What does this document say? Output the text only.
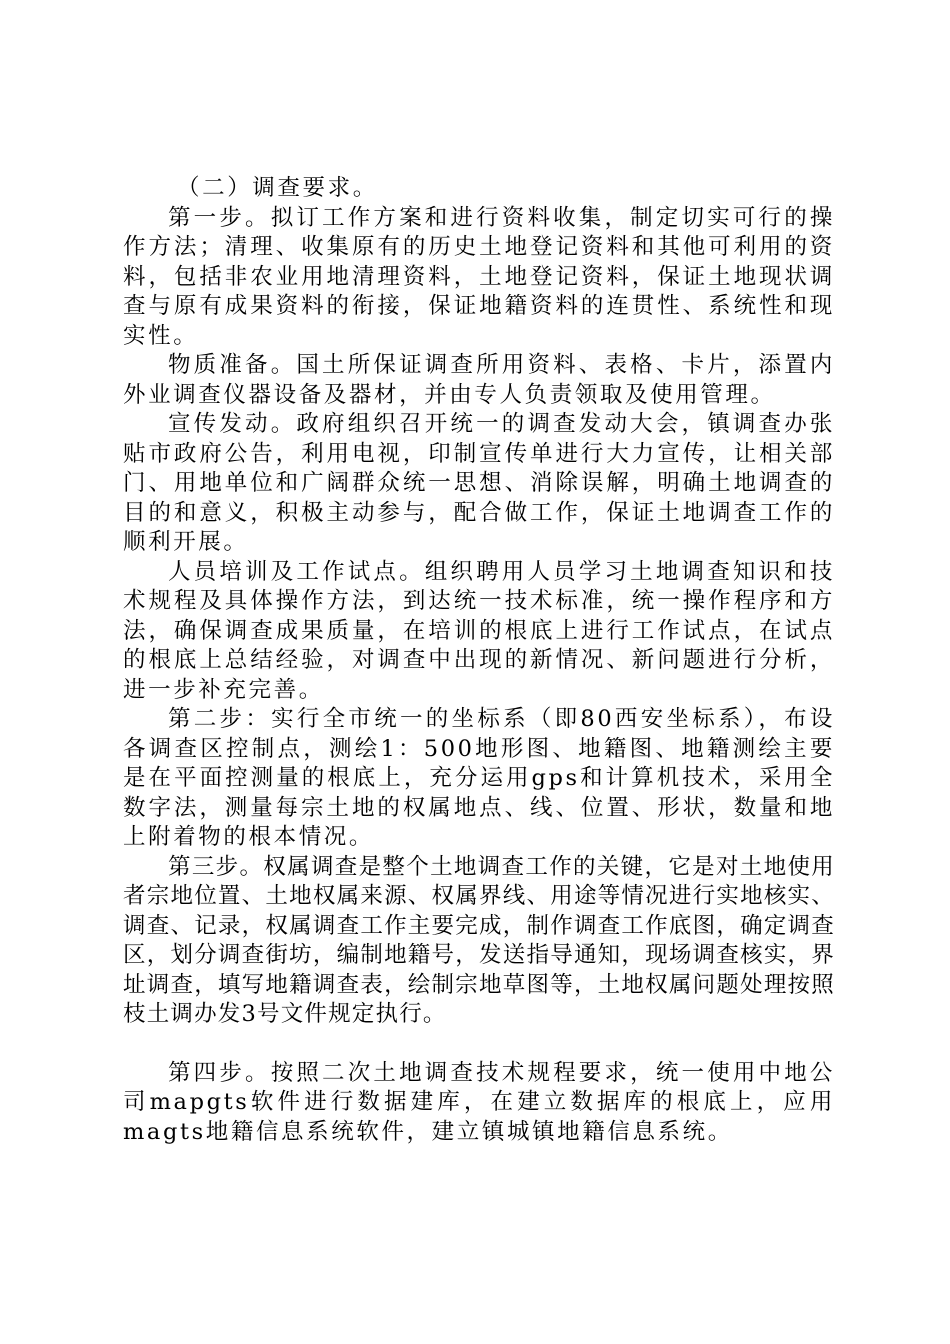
（二）调查要求。

第一步。拟订工作方案和进行资料收集，制定切实可行的操作方法；清理、收集原有的历史土地登记资料和其他可利用的资料，包括非农业用地清理资料，土地登记资料，保证土地现状调查与原有成果资料的衔接，保证地籍资料的连贯性、系统性和现实性。

物质准备。国土所保证调查所用资料、表格、卡片，添置内外业调查仪器设备及器材，并由专人负责领取及使用管理。

宣传发动。政府组织召开统一的调查发动大会，镇调查办张贴市政府公告，利用电视，印制宣传单进行大力宣传，让相关部门、用地单位和广阔群众统一思想、消除误解，明确土地调查的目的和意义，积极主动参与，配合做工作，保证土地调查工作的顺利开展。

人员培训及工作试点。组织聘用人员学习土地调查知识和技术规程及具体操作方法，到达统一技术标准，统一操作程序和方法，确保调查成果质量，在培训的根底上进行工作试点，在试点的根底上总结经验，对调查中出现的新情况、新问题进行分析，进一步补充完善。

第二步：实行全市统一的坐标系（即80西安坐标系），布设各调查区控制点，测绘1：500地形图、地籍图、地籍测绘主要是在平面控测量的根底上，充分运用gps和计算机技术，采用全数字法，测量每宗土地的权属地点、线、位置、形状，数量和地上附着物的根本情况。

第三步。权属调查是整个土地调查工作的关键，它是对土地使用者宗地位置、土地权属来源、权属界线、用途等情况进行实地核实、调查、记录，权属调查工作主要完成，制作调查工作底图，确定调查区，划分调查街坊，编制地籍号，发送指导通知，现场调查核实，界址调查，填写地籍调查表，绘制宗地草图等，土地权属问题处理按照枝土调办发3号文件规定执行。

第四步。按照二次土地调查技术规程要求，统一使用中地公司mapgts软件进行数据建库，在建立数据库的根底上，应用magts地籍信息系统软件，建立镇城镇地籍信息系统。
